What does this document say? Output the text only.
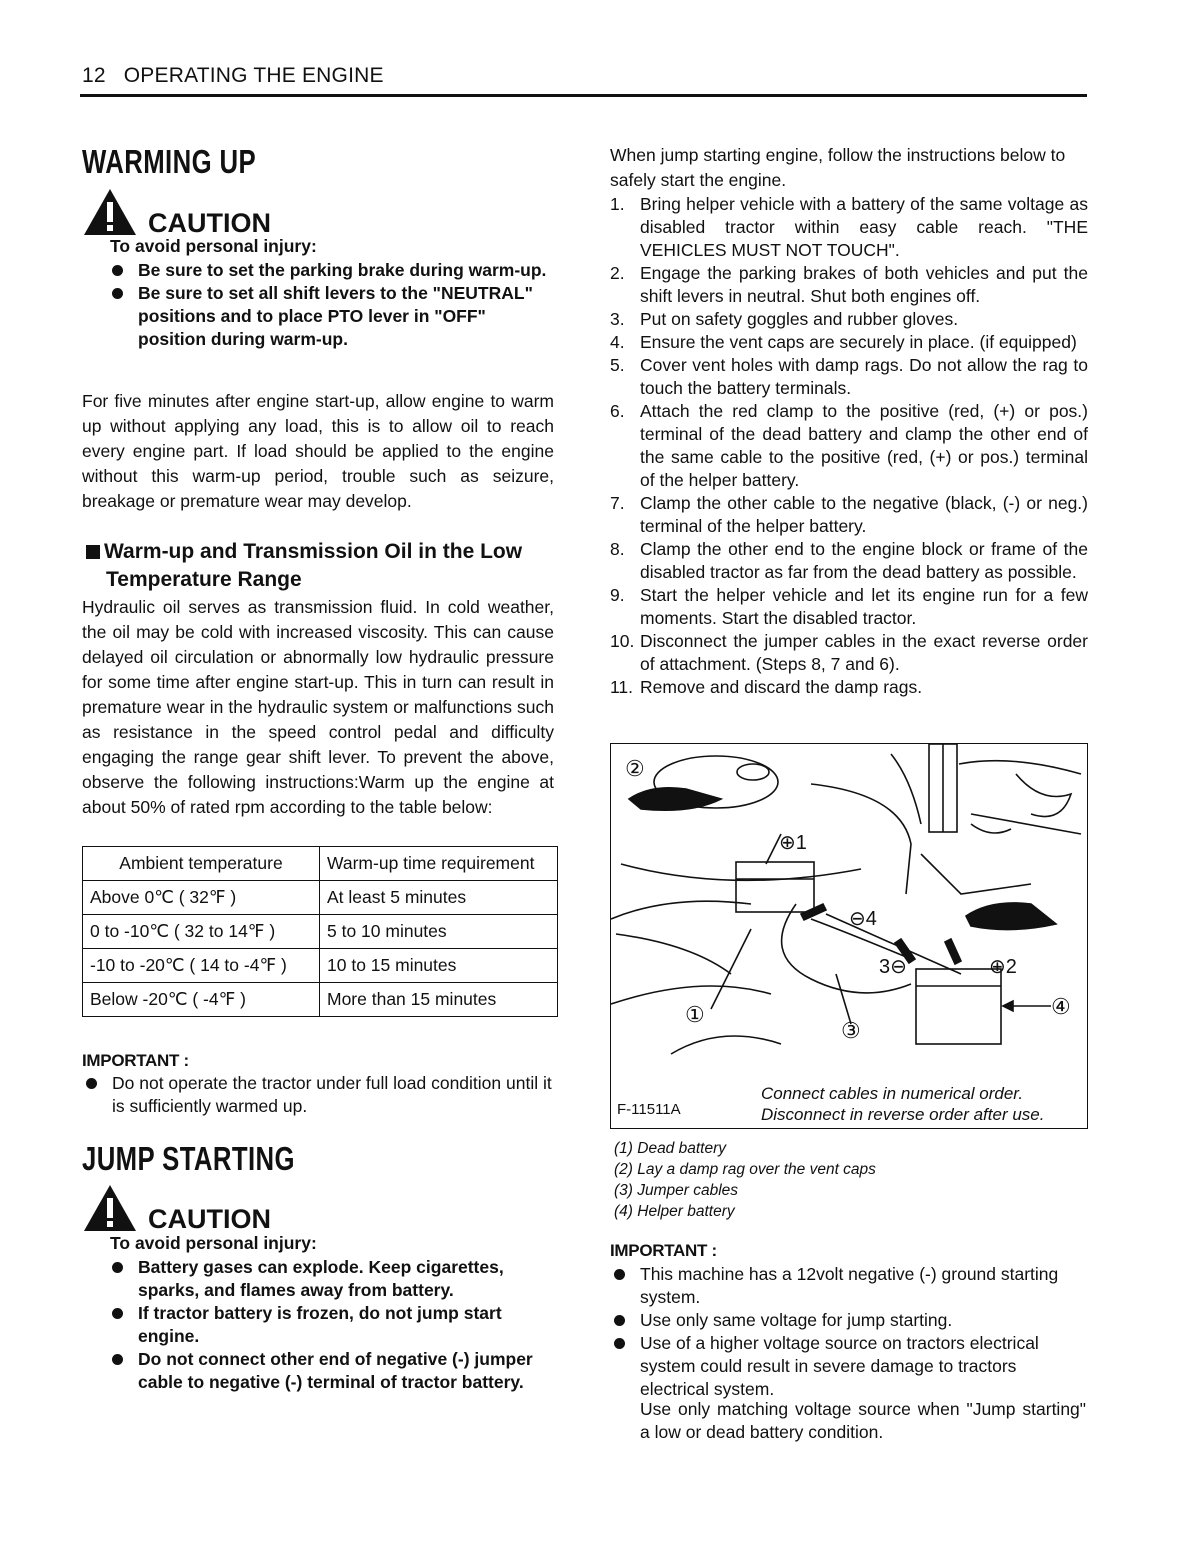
12 OPERATING THE ENGINE
WARMING UP
CAUTION
To avoid personal injury:
Be sure to set the parking brake during warm-up.
Be sure to set all shift levers to the "NEUTRAL" positions and to place PTO lever in "OFF" position during warm-up.
For five minutes after engine start-up, allow engine to warm up without applying any load, this is to allow oil to reach every engine part. If load should be applied to the engine without this warm-up period, trouble such as seizure, breakage or premature wear may develop.
Warm-up and Transmission Oil in the Low
Temperature Range
Hydraulic oil serves as transmission fluid. In cold weather, the oil may be cold with increased viscosity. This can cause delayed oil circulation or abnormally low hydraulic pressure for some time after engine start-up. This in turn can result in premature wear in the hydraulic system or malfunctions such as resistance in the speed control pedal and difficulty engaging the range gear shift lever. To prevent the above, observe the following instructions:Warm up the engine at about 50% of rated rpm according to the table below:
Ambient temperature	Warm-up time requirement
Above 0℃ ( 32℉ )	At least 5 minutes
0 to -10℃ ( 32 to 14℉ )	5 to 10 minutes
-10 to -20℃ ( 14 to -4℉ )	10 to 15 minutes
Below -20℃ ( -4℉ )	More than 15 minutes
IMPORTANT :
Do not operate the tractor under full load condition until it is sufficiently warmed up.
JUMP STARTING
CAUTION
To avoid personal injury:
Battery gases can explode. Keep cigarettes, sparks, and flames away from battery.
If tractor battery is frozen, do not jump start engine.
Do not connect other end of negative (-) jumper cable to negative (-) terminal of tractor battery.
When jump starting engine, follow the instructions below to safely start the engine.
1. Bring helper vehicle with a battery of the same voltage as disabled tractor within easy cable reach. "THE VEHICLES MUST NOT TOUCH".
2. Engage the parking brakes of both vehicles and put the shift levers in neutral. Shut both engines off.
3. Put on safety goggles and rubber gloves.
4. Ensure the vent caps are securely in place. (if equipped)
5. Cover vent holes with damp rags. Do not allow the rag to touch the battery terminals.
6. Attach the red clamp to the positive (red, (+) or pos.) terminal of the dead battery and clamp the other end of the same cable to the positive (red, (+) or pos.) terminal of the helper battery.
7. Clamp the other cable to the negative (black, (-) or neg.) terminal of the helper battery.
8. Clamp the other end to the engine block or frame of the disabled tractor as far from the dead battery as possible.
9. Start the helper vehicle and let its engine run for a few moments. Start the disabled tractor.
10. Disconnect the jumper cables in the exact reverse order of attachment. (Steps 8, 7 and 6).
11. Remove and discard the damp rags.
②
①
③
④
⊕1
⊖4
3⊖	⊕2
F-11511A
Connect cables in numerical order.
Disconnect in reverse order after use.
(1) Dead battery
(2) Lay a damp rag over the vent caps
(3) Jumper cables
(4) Helper battery
IMPORTANT :
This machine has a 12volt negative (-) ground starting system.
Use only same voltage for jump starting.
Use of a higher voltage source on tractors electrical system could result in severe damage to tractors electrical system.
Use only matching voltage source when "Jump starting" a low or dead battery condition.
